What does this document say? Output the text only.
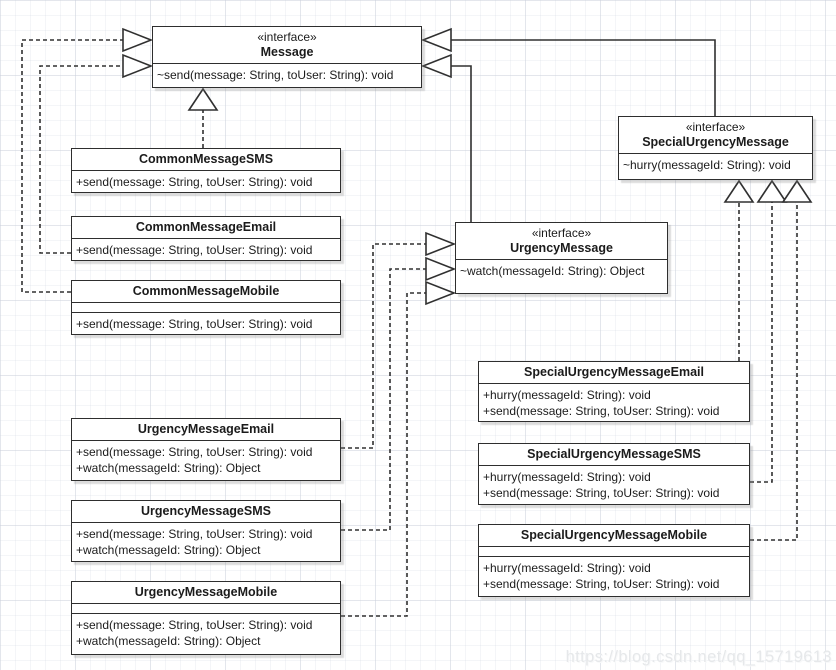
«interface»
Message
~send(message: String, toUser: String): void
«interface»
SpecialUrgencyMessage
~hurry(messageId: String): void
«interface»
UrgencyMessage
~watch(messageId: String): Object
CommonMessageSMS
+send(message: String, toUser: String): void
CommonMessageEmail
+send(message: String, toUser: String): void
CommonMessageMobile
+send(message: String, toUser: String): void
UrgencyMessageEmail
+send(message: String, toUser: String): void
+watch(messageId: String): Object
UrgencyMessageSMS
+send(message: String, toUser: String): void
+watch(messageId: String): Object
UrgencyMessageMobile
+send(message: String, toUser: String): void
+watch(messageId: String): Object
SpecialUrgencyMessageEmail
+hurry(messageId: String): void
+send(message: String, toUser: String): void
SpecialUrgencyMessageSMS
+hurry(messageId: String): void
+send(message: String, toUser: String): void
SpecialUrgencyMessageMobile
+hurry(messageId: String): void
+send(message: String, toUser: String): void
https://blog.csdn.net/qq_15719613
